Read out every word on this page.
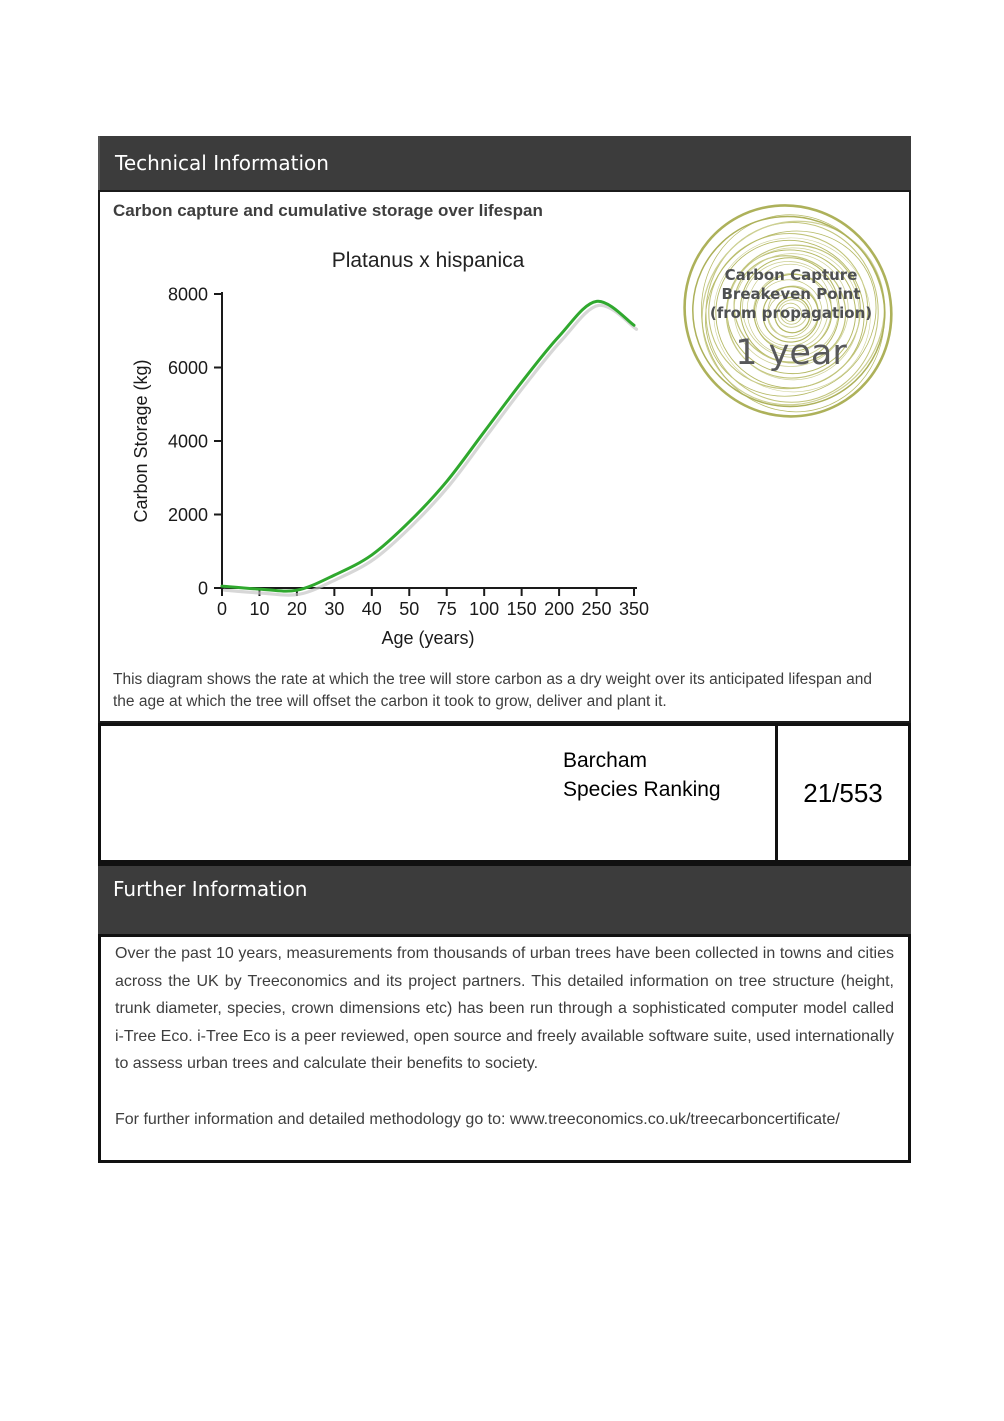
Technical Information
Carbon capture and cumulative storage over lifespan
0
2000
4000
6000
8000
0 10 20 30 40 50 75 100 150 200 250 350
Age (years)
Carbon Storage (kg)
Platanus x hispanica
Carbon Capture
Breakeven Point
(from propagation)
1 year
This diagram shows the rate at which the tree will store carbon as a dry weight over its anticipated lifespan and the age at which the tree will offset the carbon it took to grow, deliver and plant it.
Barcham
Species Ranking	21/553
Further Information

Over the past 10 years, measurements from thousands of urban trees have been collected in towns and cities across the UK by Treeconomics and its project partners. This detailed information on tree structure (height, trunk diameter, species, crown dimensions etc) has been run through a sophisticated computer model called i-Tree Eco. i-Tree Eco is a peer reviewed, open source and freely available software suite, used internationally to assess urban trees and calculate their benefits to society.

For further information and detailed methodology go to: www.treeconomics.co.uk/treecarboncertificate/
